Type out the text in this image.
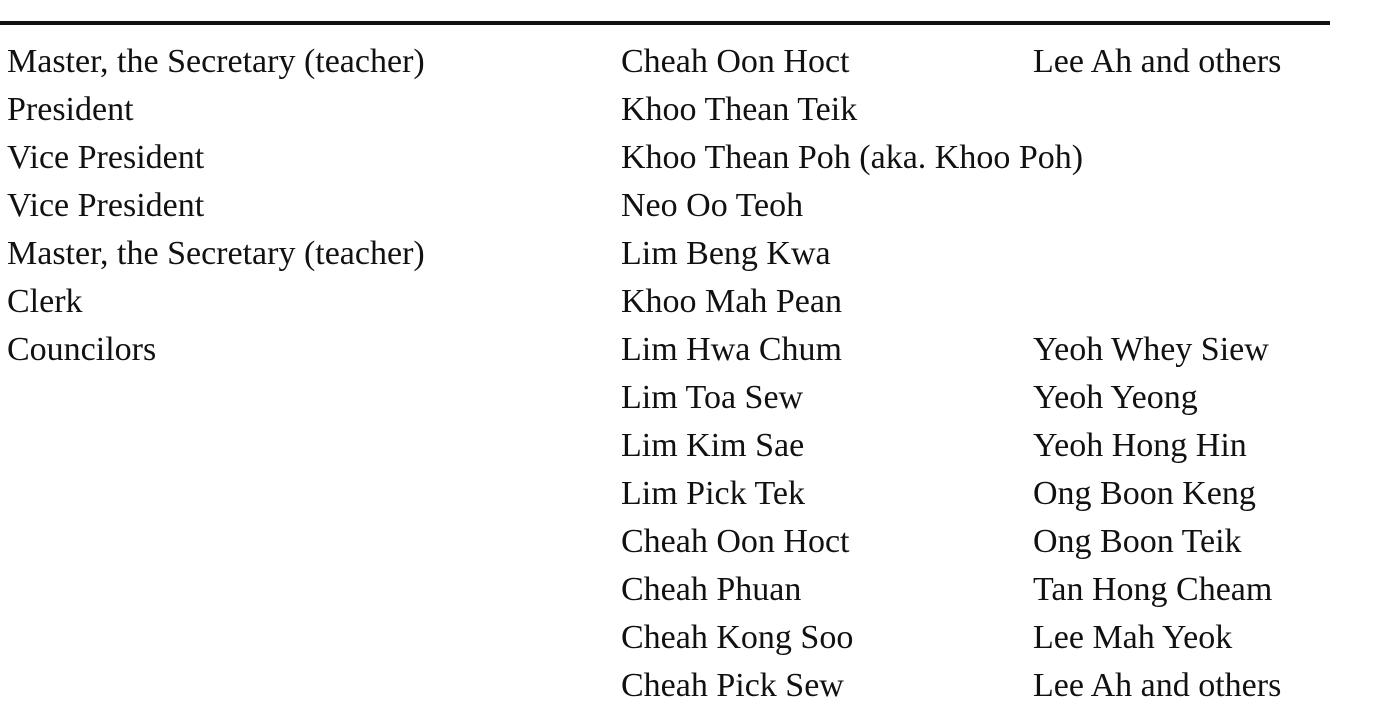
Master, the Secretary (teacher)	Cheah Oon Hoct	Lee Ah and others
President	Khoo Thean Teik
Vice President	Khoo Thean Poh (aka. Khoo Poh)
Vice President	Neo Oo Teoh
Master, the Secretary (teacher)	Lim Beng Kwa
Clerk	Khoo Mah Pean
Councilors	Lim Hwa Chum	Yeoh Whey Siew
Lim Toa Sew	Yeoh Yeong
Lim Kim Sae	Yeoh Hong Hin
Lim Pick Tek	Ong Boon Keng
Cheah Oon Hoct	Ong Boon Teik
Cheah Phuan	Tan Hong Cheam
Cheah Kong Soo	Lee Mah Yeok
Cheah Pick Sew	Lee Ah and others
